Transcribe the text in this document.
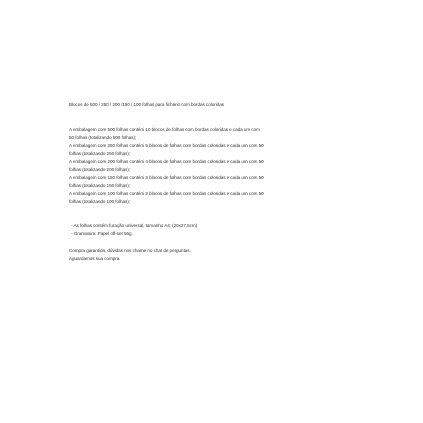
Blocos de 500 / 250 / 200 /150 / 100 folhas para fichário com bordas coloridas
A embalagem com 500 folhas contém 10 blocos de folhas com bordas coloridas e cada um com
50 folhas (totalizando 500 folhas);
A embalagem com 250 folhas contém 5 blocos de folhas com bordas coloridas e cada um com 50
folhas (totalizando 250 folhas);
A embalagem com 200 folhas contém 4 blocos de folhas com bordas coloridas e cada um com 50
folhas (totalizando 200 folhas);
A embalagem com 150 folhas contém 3 blocos de folhas com bordas coloridas e cada um com 50
folhas (totalizando 150 folhas);
A embalagem com 100 folhas contém 2 blocos de folhas com bordas coloridas e cada um com 50
folhas (totalizando 100 folhas);
- As folhas contém furação universal, tamanho A4; (20x27,5cm)
- Gramatura: Papel off-set 56g.
Compra garantida, dúvidas nos chame no chat de perguntas.
Aguardamos sua compra.
